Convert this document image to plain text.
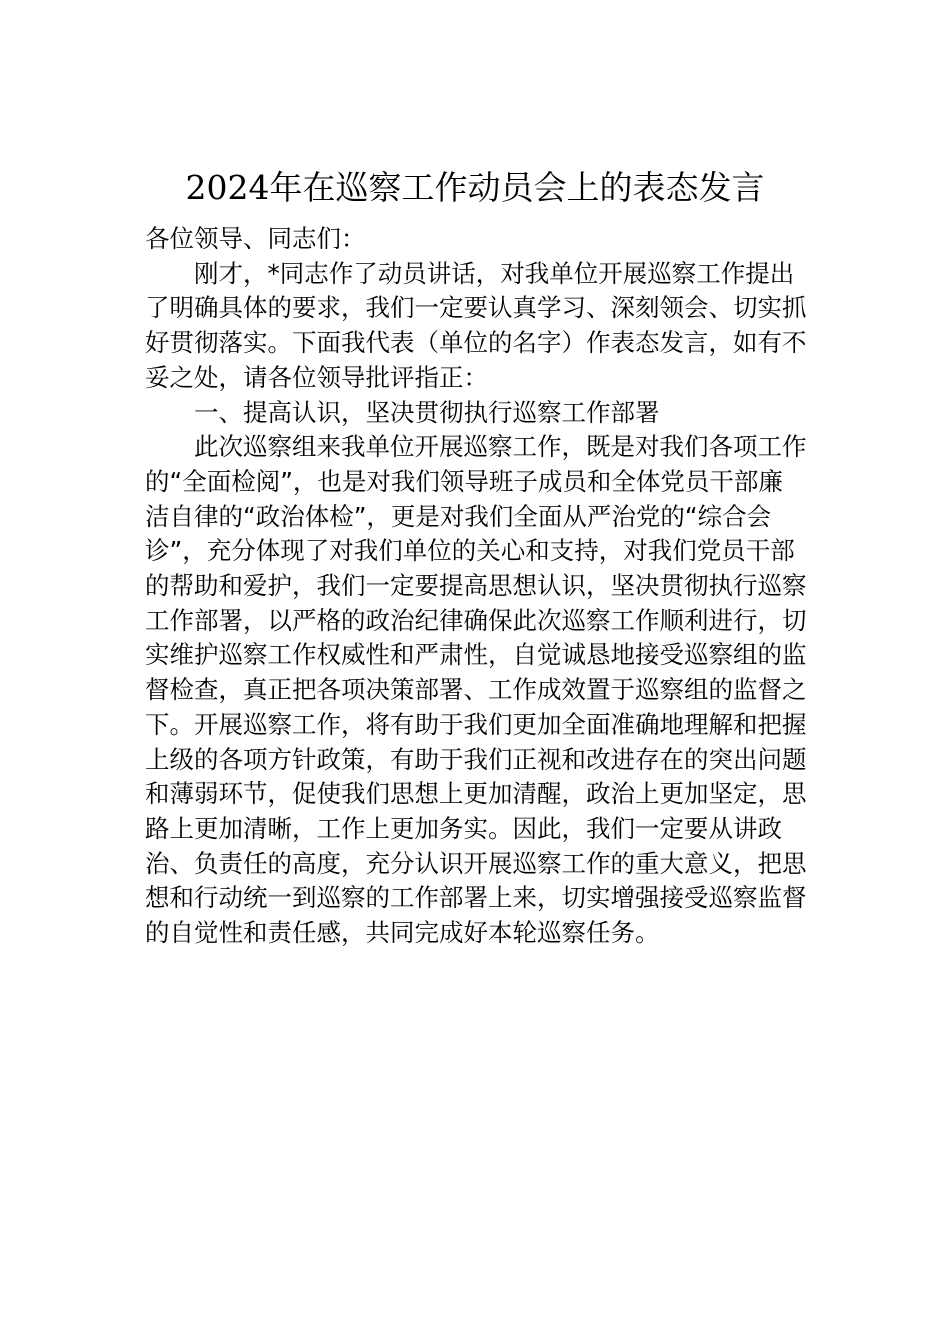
2024年在巡察工作动员会上的表态发言

各位领导、同志们：

刚才，*同志作了动员讲话，对我单位开展巡察工作提出了明确具体的要求，我们一定要认真学习、深刻领会、切实抓好贯彻落实。下面我代表（单位的名字）作表态发言，如有不妥之处，请各位领导批评指正：

一、提高认识，坚决贯彻执行巡察工作部署

此次巡察组来我单位开展巡察工作，既是对我们各项工作的“全面检阅”，也是对我们领导班子成员和全体党员干部廉洁自律的“政治体检”，更是对我们全面从严治党的“综合会诊”，充分体现了对我们单位的关心和支持，对我们党员干部的帮助和爱护，我们一定要提高思想认识，坚决贯彻执行巡察工作部署，以严格的政治纪律确保此次巡察工作顺利进行，切实维护巡察工作权威性和严肃性，自觉诚恳地接受巡察组的监督检查，真正把各项决策部署、工作成效置于巡察组的监督之下。开展巡察工作，将有助于我们更加全面准确地理解和把握上级的各项方针政策，有助于我们正视和改进存在的突出问题和薄弱环节，促使我们思想上更加清醒，政治上更加坚定，思路上更加清晰，工作上更加务实。因此，我们一定要从讲政治、负责任的高度，充分认识开展巡察工作的重大意义，把思想和行动统一到巡察的工作部署上来，切实增强接受巡察监督的自觉性和责任感，共同完成好本轮巡察任务。
